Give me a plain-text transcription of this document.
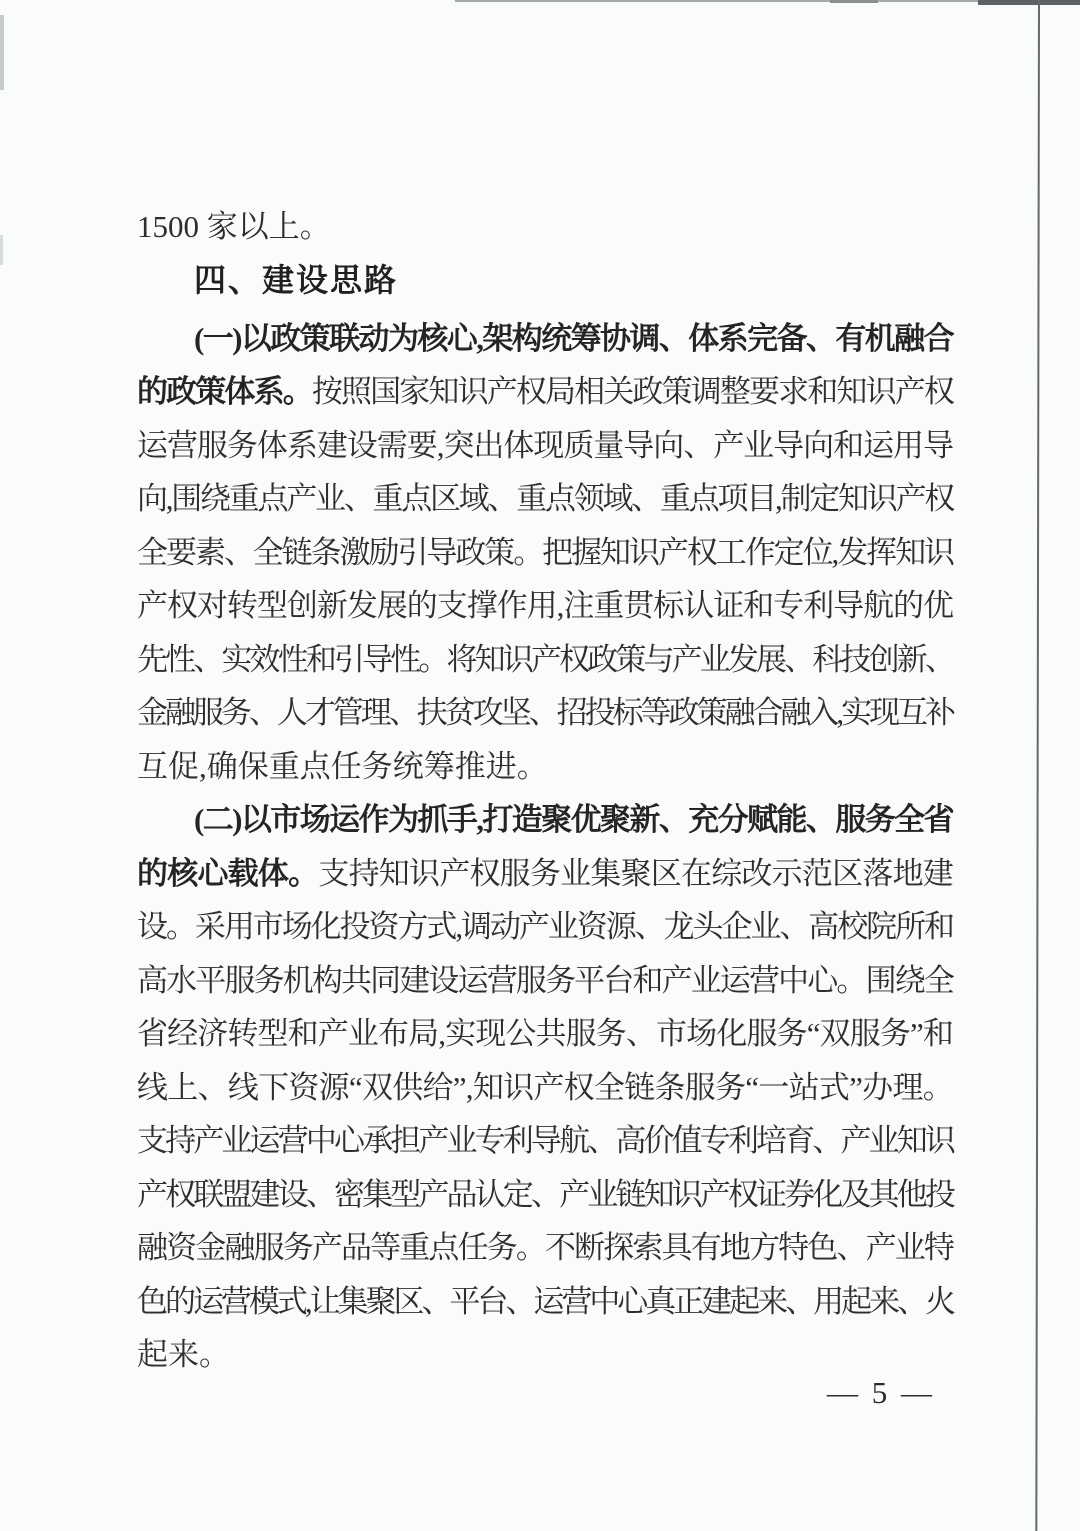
1500 家以上。
四、建设思路
(一)以政策联动为核心,架构统筹协调、体系完备、有机融合
的政策体系。按照国家知识产权局相关政策调整要求和知识产权
运营服务体系建设需要,突出体现质量导向、产业导向和运用导
向,围绕重点产业、重点区域、重点领域、重点项目,制定知识产权
全要素、全链条激励引导政策。把握知识产权工作定位,发挥知识
产权对转型创新发展的支撑作用,注重贯标认证和专利导航的优
先性、实效性和引导性。将知识产权政策与产业发展、科技创新、
金融服务、人才管理、扶贫攻坚、招投标等政策融合融入,实现互补
互促,确保重点任务统筹推进。
(二)以市场运作为抓手,打造聚优聚新、充分赋能、服务全省
的核心载体。支持知识产权服务业集聚区在综改示范区落地建
设。采用市场化投资方式,调动产业资源、龙头企业、高校院所和
高水平服务机构共同建设运营服务平台和产业运营中心。围绕全
省经济转型和产业布局,实现公共服务、市场化服务“双服务”和
线上、线下资源“双供给”,知识产权全链条服务“一站式”办理。
支持产业运营中心承担产业专利导航、高价值专利培育、产业知识
产权联盟建设、密集型产品认定、产业链知识产权证券化及其他投
融资金融服务产品等重点任务。不断探索具有地方特色、产业特
色的运营模式,让集聚区、平台、运营中心真正建起来、用起来、火
起来。
— 5 —
